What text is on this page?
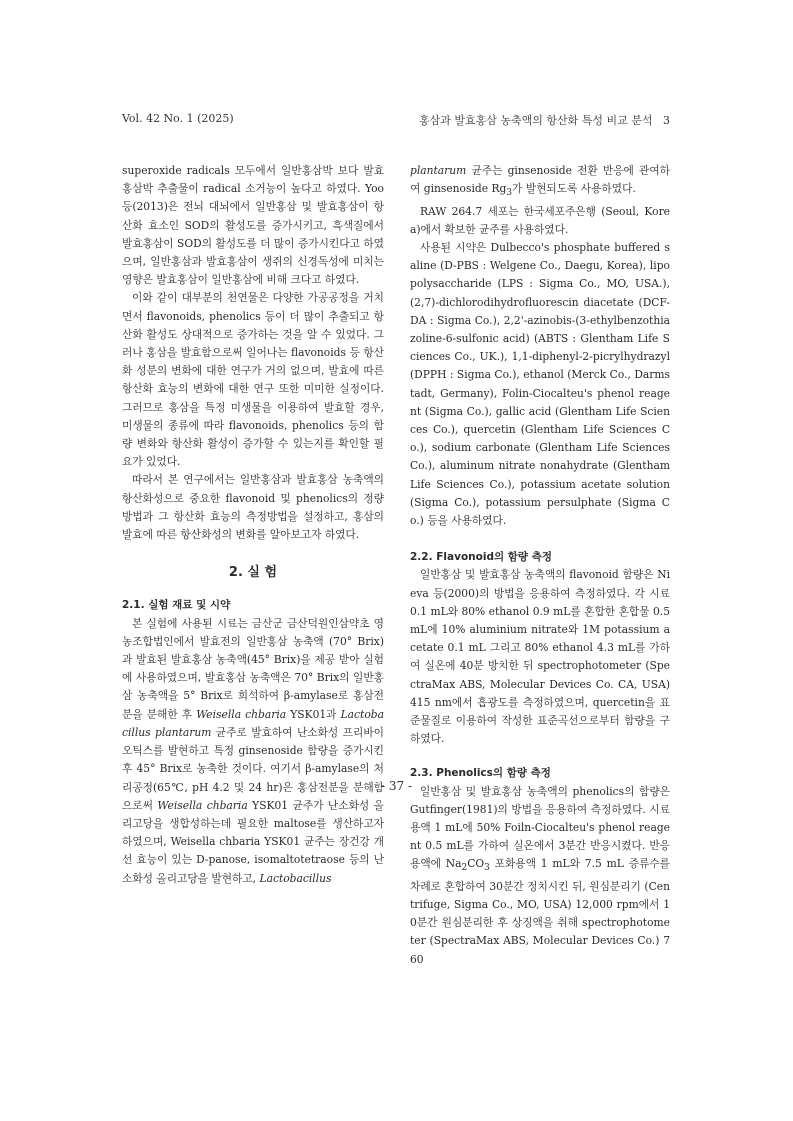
Vol. 42 No. 1 (2025)	홍삼과 발효홍삼 농축액의 항산화 특성 비교 분석 3

superoxide radicals 모두에서 일반홍삼박 보다 발효홍삼박 추출물이 radical 소거능이 높다고 하였다. Yoo 등(2013)은 전뇌 대뇌에서 일반홍삼 및 발효홍삼이 항산화 효소인 SOD의 활성도를 증가시키고, 흑색질에서 발효홍삼이 SOD의 활성도를 더 많이 증가시킨다고 하였으며, 일반홍삼과 발효홍삼이 생쥐의 신경독성에 미치는 영향은 발효홍삼이 일반홍삼에 비해 크다고 하였다.

이와 같이 대부분의 천연물은 다양한 가공공정을 거치면서 flavonoids, phenolics 등이 더 많이 추출되고 항산화 활성도 상대적으로 증가하는 것을 알 수 있었다. 그러나 홍삼을 발효함으로써 일어나는 flavonoids 등 항산화 성분의 변화에 대한 연구가 거의 없으며, 발효에 따른 항산화 효능의 변화에 대한 연구 또한 미미한 실정이다. 그러므로 홍삼을 특정 미생물을 이용하여 발효할 경우, 미생물의 종류에 따라 flavonoids, phenolics 등의 함량 변화와 항산화 활성이 증가할 수 있는지를 확인할 필요가 있었다.

따라서 본 연구에서는 일반홍삼과 발효홍삼 농축액의 항산화성으로 중요한 flavonoid 및 phenolics의 정량방법과 그 항산화 효능의 측정방법을 설정하고, 홍삼의 발효에 따른 항산화성의 변화를 알아보고자 하였다.

2. 실 험
2.1. 실험 재료 및 시약

본 실험에 사용된 시료는 금산군 금산덕원인삼약초 영농조합법인에서 발효전의 일반홍삼 농축액 (70° Brix)과 발효된 발효홍삼 농축액(45° Brix)을 제공 받아 실험에 사용하였으며, 발효홍삼 농축액은 70° Brix의 일반홍삼 농축액을 5° Brix로 희석하여 β-amylase로 홍삼전분을 분해한 후 Weisella chbaria YSK01과 Lactobacillus plantarum 균주로 발효하여 난소화성 프리바이오틱스를 발현하고 특정 ginsenoside 함량을 증가시킨 후 45° Brix로 농축한 것이다. 여기서 β-amylase의 처리공정(65℃, pH 4.2 및 24 hr)은 홍삼전분을 분해함으로써 Weisella chbaria YSK01 균주가 난소화성 올리고당을 생합성하는데 필요한 maltose를 생산하고자 하였으며, Weisella chbaria YSK01 균주는 장건강 개선 효능이 있는 D-panose, isomaltotetraose 등의 난소화성 올리고당을 발현하고, Lactobacillus

plantarum 균주는 ginsenoside 전환 반응에 관여하여 ginsenoside $Rg_3$가 발현되도록 사용하였다.

RAW 264.7 세포는 한국세포주은행 (Seoul, Korea)에서 확보한 균주를 사용하였다.

사용된 시약은 Dulbecco's phosphate buffered saline (D-PBS : Welgene Co., Daegu, Korea), lipopolysaccharide (LPS : Sigma Co., MO, USA.), (2,7)-dichlorodihydrofluorescin diacetate (DCF-DA : Sigma Co.), 2,2'-azinobis-(3-ethylbenzothiazoline-6-sulfonic acid) (ABTS : Glentham Life Sciences Co., UK.), 1,1-diphenyl-2-picrylhydrazyl (DPPH : Sigma Co.), ethanol (Merck Co., Darmstadt, Germany), Folin-Ciocalteu's phenol reagent (Sigma Co.), gallic acid (Glentham Life Sciences Co.), quercetin (Glentham Life Sciences Co.), sodium carbonate (Glentham Life Sciences Co.), aluminum nitrate nonahydrate (Glentham Life Sciences Co.), potassium acetate solution (Sigma Co.), potassium persulphate (Sigma Co.) 등을 사용하였다.

2.2. Flavonoid의 함량 측정

일반홍삼 및 발효홍삼 농축액의 flavonoid 함량은 Nieva 등(2000)의 방법을 응용하여 측정하였다. 각 시료 0.1 mL와 80% ethanol 0.9 mL를 혼합한 혼합물 0.5 mL에 10% aluminium nitrate와 1M potassium acetate 0.1 mL 그리고 80% ethanol 4.3 mL를 가하여 실온에 40분 방치한 뒤 spectrophotometer (SpectraMax ABS, Molecular Devices Co. CA, USA) 415 nm에서 흡광도를 측정하였으며, quercetin을 표준물질로 이용하여 작성한 표준곡선으로부터 함량을 구하였다.

2.3. Phenolics의 함량 측정

일반홍삼 및 발효홍삼 농축액의 phenolics의 함량은 Gutfinger(1981)의 방법을 응용하여 측정하였다. 시료용액 1 mL에 50% Foiln-Ciocalteu's phenol reagent 0.5 mL를 가하여 실온에서 3분간 반응시켰다. 반응용액에 $Na_2CO_3$ 포화용액 1 mL와 7.5 mL 증류수를 차례로 혼합하여 30분간 정치시킨 뒤, 원심분리기 (Centrifuge, Sigma Co., MO, USA) 12,000 rpm에서 10분간 원심분리한 후 상징액을 취해 spectrophotometer (SpectraMax ABS, Molecular Devices Co.) 760

- 37 -
